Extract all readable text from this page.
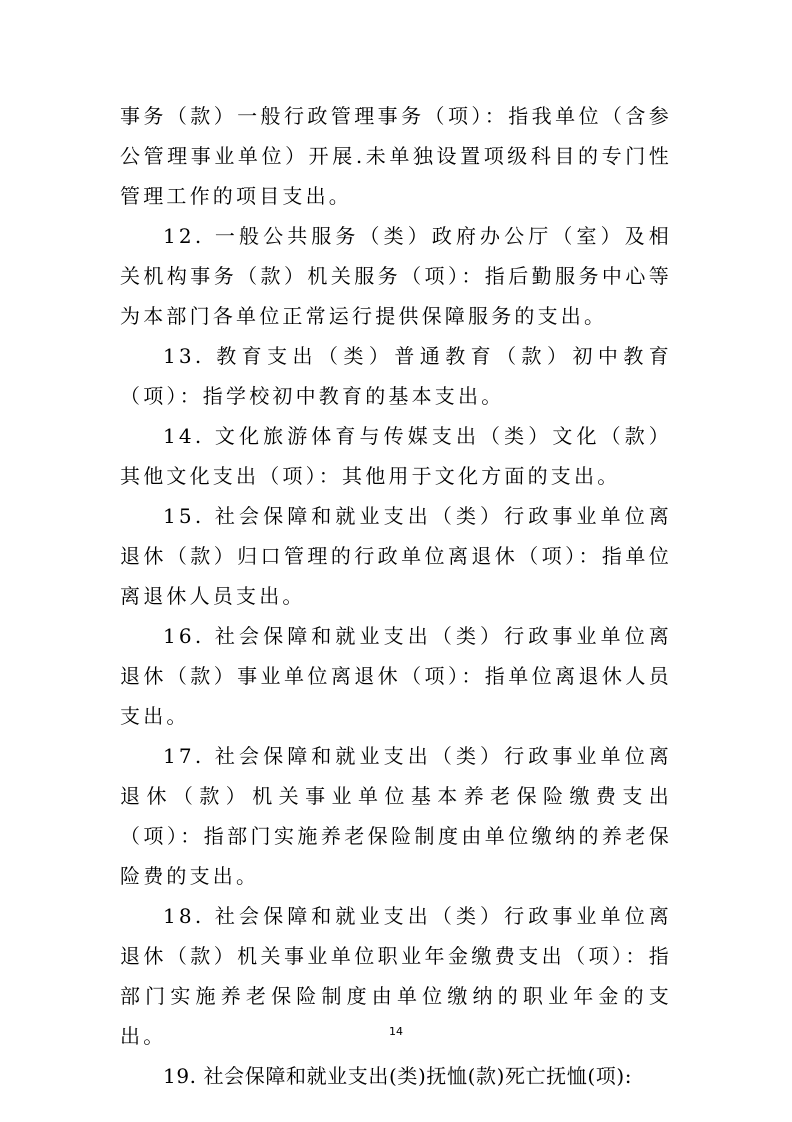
事务（款）一般行政管理事务（项）：指我单位（含参公管理事业单位）开展.未单独设置项级科目的专门性管理工作的项目支出。

12. 一般公共服务（类）政府办公厅（室）及相关机构事务（款）机关服务（项）：指后勤服务中心等为本部门各单位正常运行提供保障服务的支出。

13. 教育支出（类）普通教育（款）初中教育（项）：指学校初中教育的基本支出。

14. 文化旅游体育与传媒支出（类）文化（款）其他文化支出（项）：其他用于文化方面的支出。

15. 社会保障和就业支出（类）行政事业单位离退休（款）归口管理的行政单位离退休（项）：指单位离退休人员支出。

16. 社会保障和就业支出（类）行政事业单位离退休（款）事业单位离退休（项）：指单位离退休人员支出。

17. 社会保障和就业支出（类）行政事业单位离退休（款）机关事业单位基本养老保险缴费支出（项）：指部门实施养老保险制度由单位缴纳的养老保险费的支出。

18. 社会保障和就业支出（类）行政事业单位离退休（款）机关事业单位职业年金缴费支出（项）：指部门实施养老保险制度由单位缴纳的职业年金的支出。

19. 社会保障和就业支出(类)抚恤(款)死亡抚恤(项):

14
